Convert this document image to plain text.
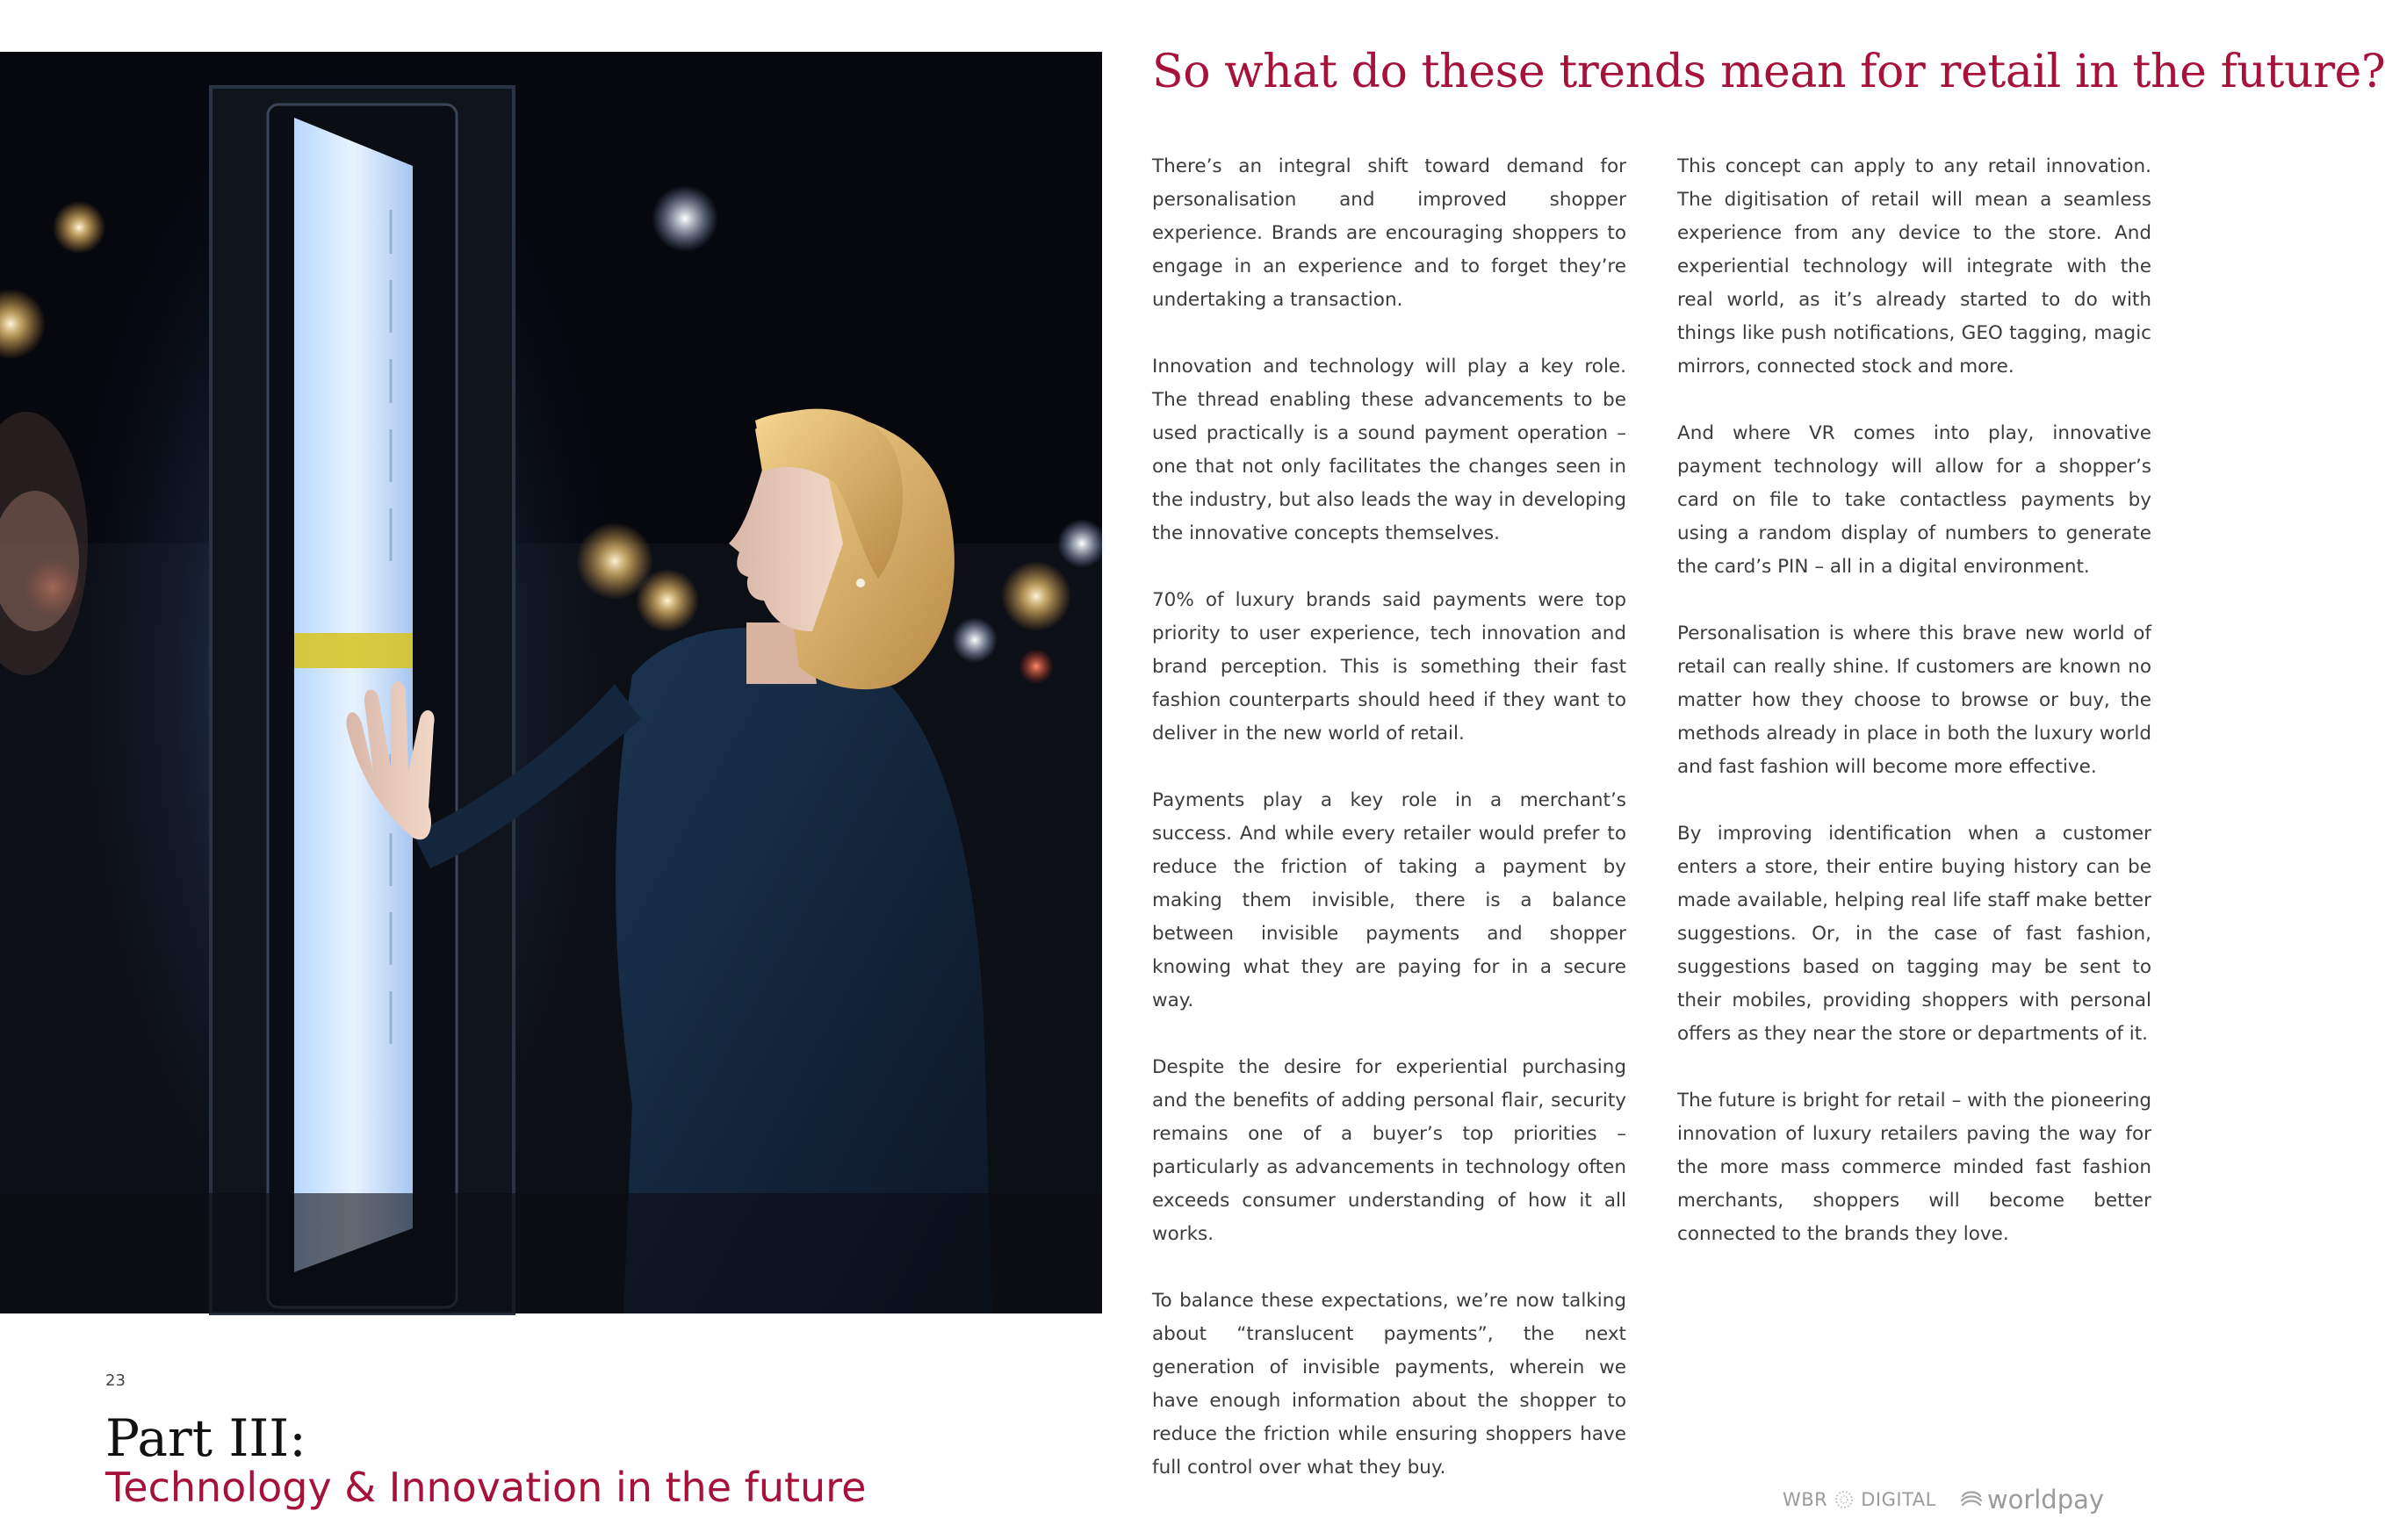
So what do these trends mean for retail in the future?

There’s an integral shift toward demand for personalisation and improved shopper experience. Brands are encouraging shoppers to engage in an experience and to forget they’re undertaking a transaction.

Innovation and technology will play a key role. The thread enabling these advancements to be used practically is a sound payment operation – one that not only facilitates the changes seen in the industry, but also leads the way in developing the innovative concepts themselves.

70% of luxury brands said payments were top priority to user experience, tech innovation and brand perception. This is something their fast fashion counterparts should heed if they want to deliver in the new world of retail.

Payments play a key role in a merchant’s success. And while every retailer would prefer to reduce the friction of taking a payment by making them invisible, there is a balance between invisible payments and shopper knowing what they are paying for in a secure way.

Despite the desire for experiential purchasing and the benefits of adding personal flair, security remains one of a buyer’s top priorities – particularly as advancements in technology often exceeds consumer understanding of how it all works.

To balance these expectations, we’re now talking about “translucent payments”, the next generation of invisible payments, wherein we have enough information about the shopper to reduce the friction while ensuring shoppers have full control over what they buy.

This concept can apply to any retail innovation. The digitisation of retail will mean a seamless experience from any device to the store. And experiential technology will integrate with the real world, as it’s already started to do with things like push notifications, GEO tagging, magic mirrors, connected stock and more.

And where VR comes into play, innovative payment technology will allow for a shopper’s card on file to take contactless payments by using a random display of numbers to generate the card’s PIN – all in a digital environment.

Personalisation is where this brave new world of retail can really shine. If customers are known no matter how they choose to browse or buy, the methods already in place in both the luxury world and fast fashion will become more effective.

By improving identification when a customer enters a store, their entire buying history can be made available, helping real life staff make better suggestions. Or, in the case of fast fashion, suggestions based on tagging may be sent to their mobiles, providing shoppers with personal offers as they near the store or departments of it.

The future is bright for retail – with the pioneering innovation of luxury retailers paving the way for the more mass commerce minded fast fashion merchants, shoppers will become better connected to the brands they love.

23
Part III:
Technology & Innovation in the future	WBR DIGITAL worldpay
